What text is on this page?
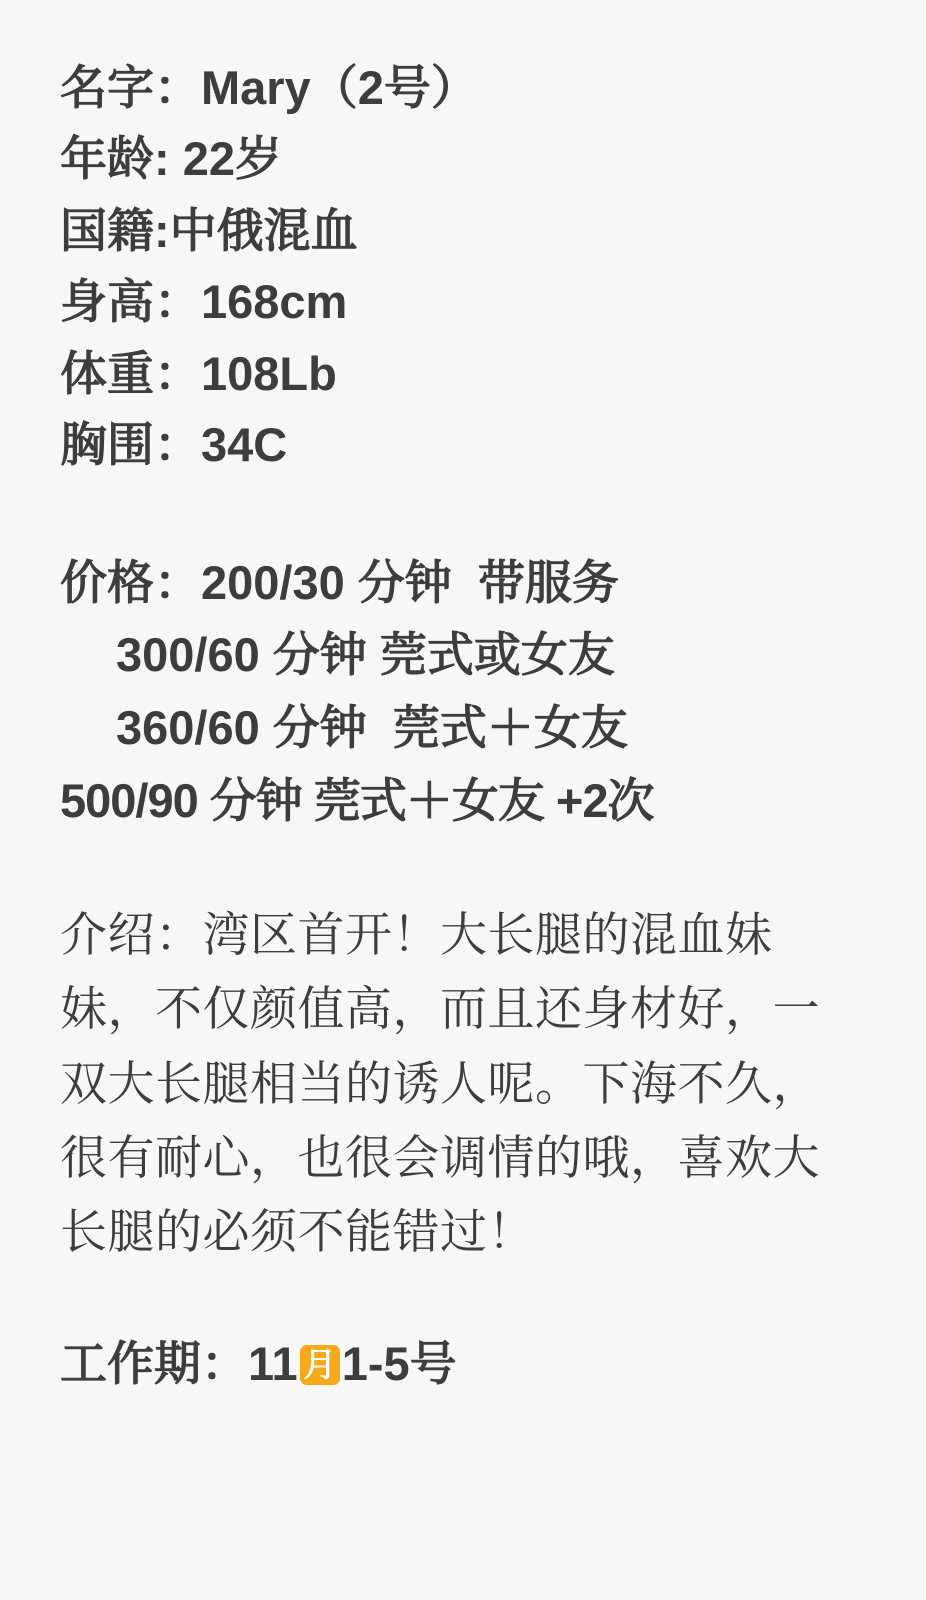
名字：Mary（2号）
年龄: 22岁
国籍:中俄混血
身高：168cm
体重：108Lb
胸围：34C
价格：200/30 分钟  带服务
300/60 分钟 莞式或女友
360/60 分钟  莞式＋女友
500/90 分钟 莞式＋女友 +2次
介绍：湾区首开！大长腿的混血妹妹，不仅颜值高，而且还身材好，一双大长腿相当的诱人呢。下海不久，很有耐心，也很会调情的哦，喜欢大长腿的必须不能错过！
工作期：11 月 1-5号
